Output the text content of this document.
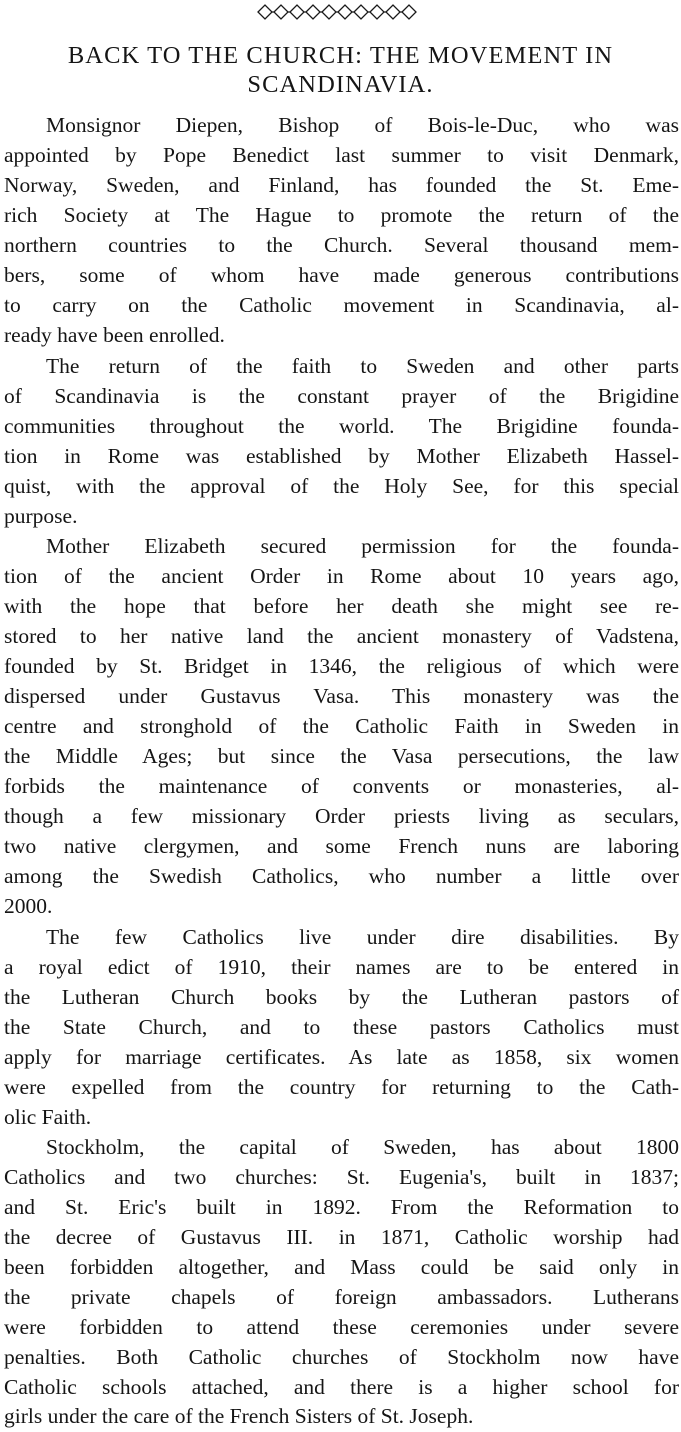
BACK TO THE CHURCH: THE MOVEMENT IN
SCANDINAVIA.
Monsignor Diepen, Bishop of Bois-le-Duc, who was
appointed by Pope Benedict last summer to visit Denmark,
Norway, Sweden, and Finland, has founded the St. Eme-
rich Society at The Hague to promote the return of the
northern countries to the Church. Several thousand mem-
bers, some of whom have made generous contributions
to carry on the Catholic movement in Scandinavia, al-
ready have been enrolled.
The return of the faith to Sweden and other parts
of Scandinavia is the constant prayer of the Brigidine
communities throughout the world. The Brigidine founda-
tion in Rome was established by Mother Elizabeth Hassel-
quist, with the approval of the Holy See, for this special
purpose.
Mother Elizabeth secured permission for the founda-
tion of the ancient Order in Rome about 10 years ago,
with the hope that before her death she might see re-
stored to her native land the ancient monastery of Vadstena,
founded by St. Bridget in 1346, the religious of which were
dispersed under Gustavus Vasa. This monastery was the
centre and stronghold of the Catholic Faith in Sweden in
the Middle Ages; but since the Vasa persecutions, the law
forbids the maintenance of convents or monasteries, al-
though a few missionary Order priests living as seculars,
two native clergymen, and some French nuns are laboring
among the Swedish Catholics, who number a little over
2000.
The few Catholics live under dire disabilities. By
a royal edict of 1910, their names are to be entered in
the Lutheran Church books by the Lutheran pastors of
the State Church, and to these pastors Catholics must
apply for marriage certificates. As late as 1858, six women
were expelled from the country for returning to the Cath-
olic Faith.
Stockholm, the capital of Sweden, has about 1800
Catholics and two churches: St. Eugenia's, built in 1837;
and St. Eric's built in 1892. From the Reformation to
the decree of Gustavus III. in 1871, Catholic worship had
been forbidden altogether, and Mass could be said only in
the private chapels of foreign ambassadors. Lutherans
were forbidden to attend these ceremonies under severe
penalties. Both Catholic churches of Stockholm now have
Catholic schools attached, and there is a higher school for
girls under the care of the French Sisters of St. Joseph.
